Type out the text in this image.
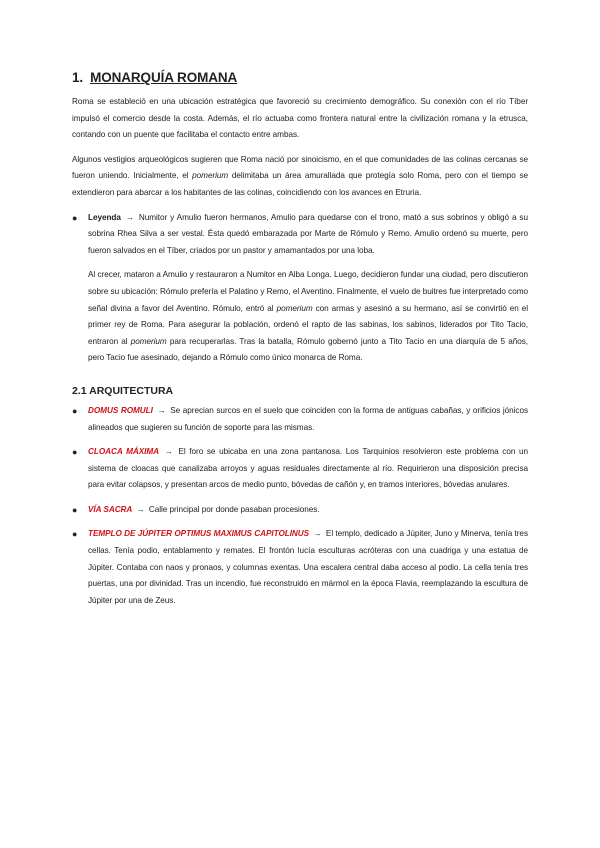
1. MONARQUÍA ROMANA

Roma se estableció en una ubicación estratégica que favoreció su crecimiento demográfico. Su conexión con el río Tíber impulsó el comercio desde la costa. Además, el río actuaba como frontera natural entre la civilización romana y la etrusca, contando con un puente que facilitaba el contacto entre ambas.

Algunos vestigios arqueológicos sugieren que Roma nació por sinoicismo, en el que comunidades de las colinas cercanas se fueron uniendo. Inicialmente, el pomerium delimitaba un área amurallada que protegía solo Roma, pero con el tiempo se extendieron para abarcar a los habitantes de las colinas, coincidiendo con los avances en Etruria.

● Leyenda → Numitor y Amulio fueron hermanos, Amulio para quedarse con el trono, mató a sus sobrinos y obligó a su sobrina Rhea Silva a ser vestal. Ésta quedó embarazada por Marte de Rómulo y Remo. Amulio ordenó su muerte, pero fueron salvados en el Tíber, criados por un pastor y amamantados por una loba.

Al crecer, mataron a Amulio y restauraron a Numitor en Alba Longa. Luego, decidieron fundar una ciudad, pero discutieron sobre su ubicación: Rómulo prefería el Palatino y Remo, el Aventino. Finalmente, el vuelo de buitres fue interpretado como señal divina a favor del Aventino. Rómulo, entró al pomerium con armas y asesinó a su hermano, así se convirtió en el primer rey de Roma. Para asegurar la población, ordenó el rapto de las sabinas, los sabinos, liderados por Tito Tacio, entraron al pomerium para recuperarlas. Tras la batalla, Rómulo gobernó junto a Tito Tacio en una diarquía de 5 años, pero Tacio fue asesinado, dejando a Rómulo como único monarca de Roma.

2.1 ARQUITECTURA
● DOMUS ROMULI → Se aprecian surcos en el suelo que coinciden con la forma de antiguas cabañas, y orificios jónicos alineados que sugieren su función de soporte para las mismas.
● CLOACA MÁXIMA → El foro se ubicaba en una zona pantanosa. Los Tarquinios resolvieron este problema con un sistema de cloacas que canalizaba arroyos y aguas residuales directamente al río. Requirieron una disposición precisa para evitar colapsos, y presentan arcos de medio punto, bóvedas de cañón y, en tramos interiores, bóvedas anulares.
● VÍA SACRA → Calle principal por donde pasaban procesiones.
● TEMPLO DE JÚPITER OPTIMUS MAXIMUS CAPITOLINUS → El templo, dedicado a Júpiter, Juno y Minerva, tenía tres cellas. Tenía podio, entablamento y remates. El frontón lucía esculturas acróteras con una cuadriga y una estatua de Júpiter. Contaba con naos y pronaos, y columnas exentas. Una escalera central daba acceso al podio. La cella tenía tres puertas, una por divinidad. Tras un incendio, fue reconstruido en mármol en la época Flavia, reemplazando la escultura de Júpiter por una de Zeus.
